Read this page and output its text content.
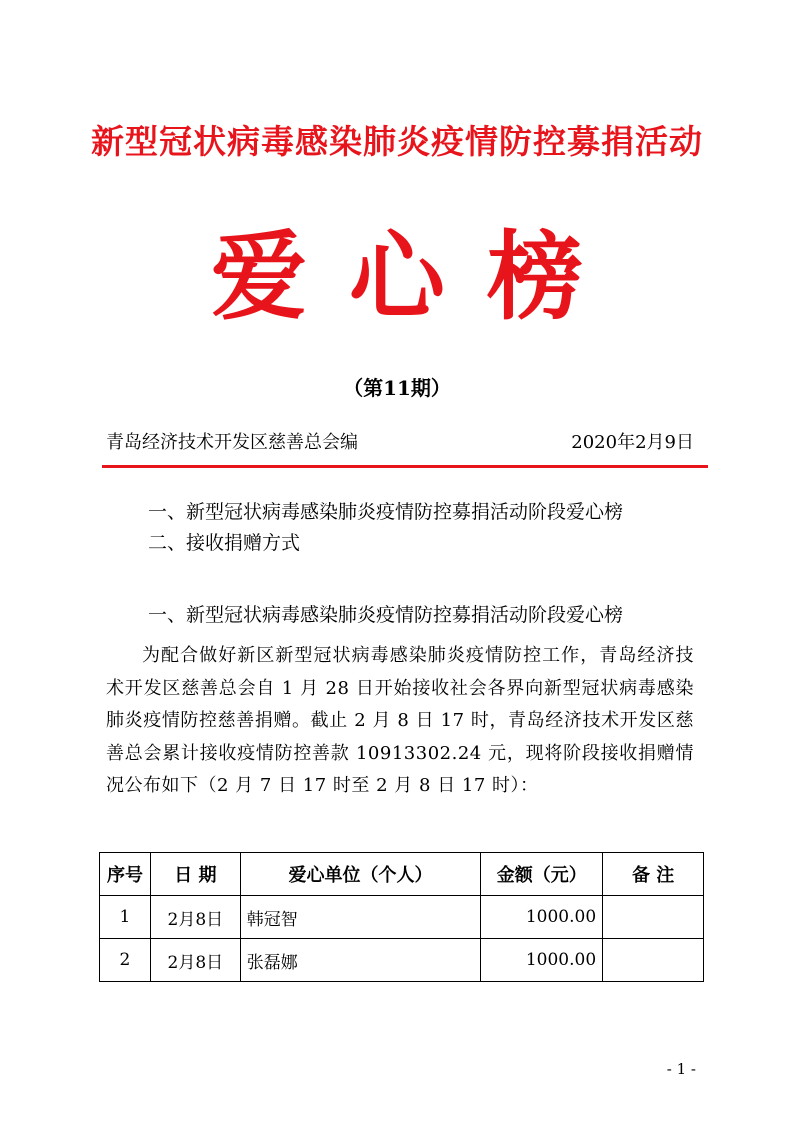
新型冠状病毒感染肺炎疫情防控募捐活动
爱心榜
（第11期）
青岛经济技术开发区慈善总会编	2020年2月9日
一、新型冠状病毒感染肺炎疫情防控募捐活动阶段爱心榜
二、接收捐赠方式
一、新型冠状病毒感染肺炎疫情防控募捐活动阶段爱心榜
为配合做好新区新型冠状病毒感染肺炎疫情防控工作，青岛经济技术开发区慈善总会自 1 月 28 日开始接收社会各界向新型冠状病毒感染肺炎疫情防控慈善捐赠。截止 2 月 8 日 17 时，青岛经济技术开发区慈善总会累计接收疫情防控善款 10913302.24 元，现将阶段接收捐赠情况公布如下（2 月 7 日 17 时至 2 月 8 日 17 时）：
序号	日 期	爱心单位（个人）	金额（元）	备 注
1	2月8日	韩冠智	1000.00	
2	2月8日	张磊娜	1000.00	
- 1 -
